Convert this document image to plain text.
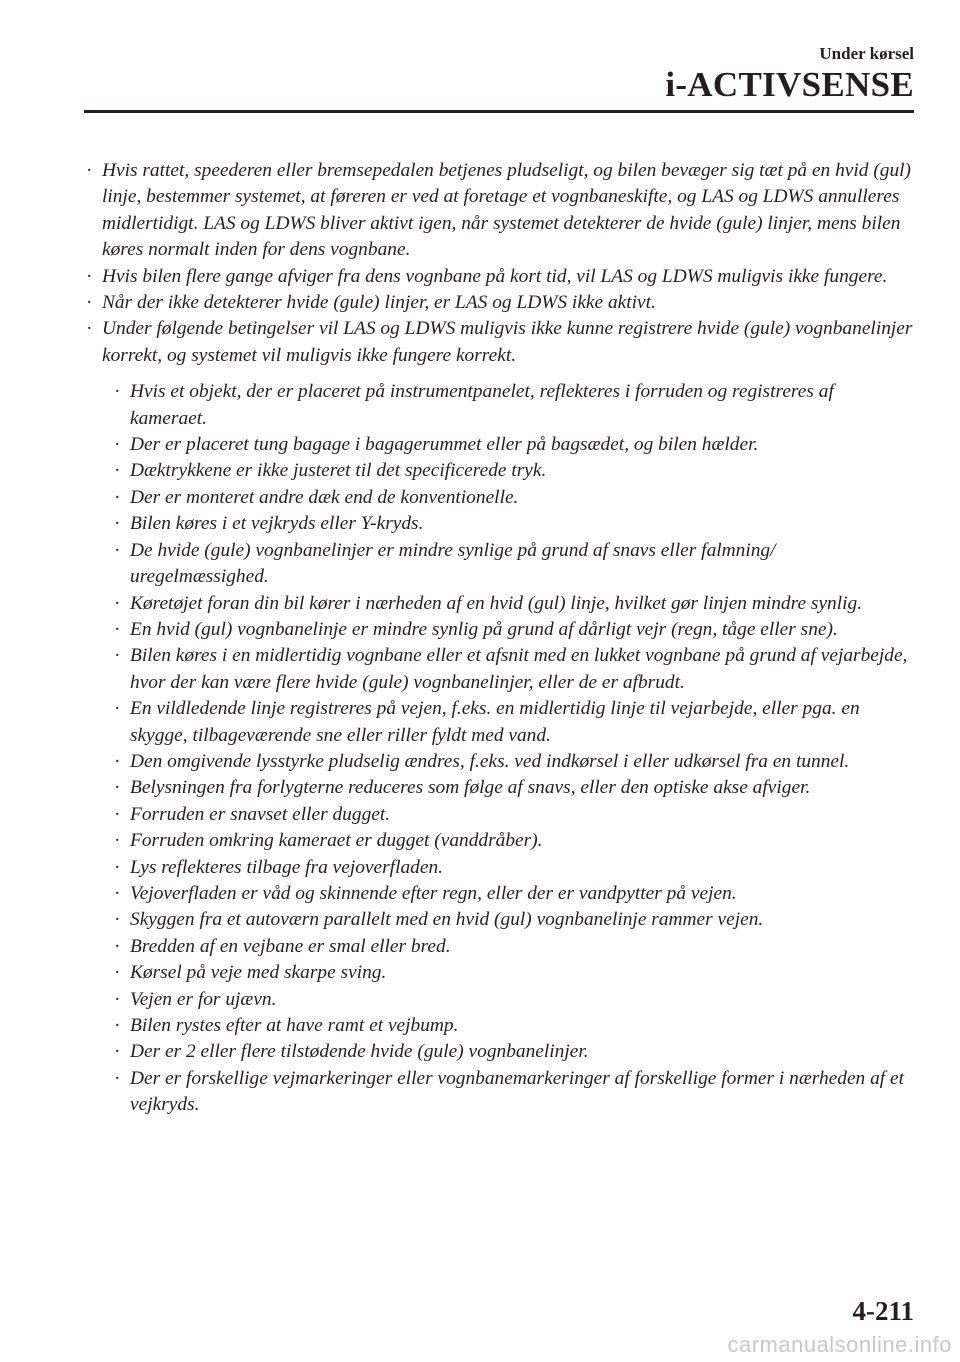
Under kørsel
i-ACTIVSENSE
· Hvis rattet, speederen eller bremsepedalen betjenes pludseligt, og bilen bevæger sig tæt på en hvid (gul) linje, bestemmer systemet, at føreren er ved at foretage et vognbaneskifte, og LAS og LDWS annulleres midlertidigt. LAS og LDWS bliver aktivt igen, når systemet detekterer de hvide (gule) linjer, mens bilen køres normalt inden for dens vognbane.
· Hvis bilen flere gange afviger fra dens vognbane på kort tid, vil LAS og LDWS muligvis ikke fungere.
· Når der ikke detekterer hvide (gule) linjer, er LAS og LDWS ikke aktivt.
· Under følgende betingelser vil LAS og LDWS muligvis ikke kunne registrere hvide (gule) vognbanelinjer korrekt, og systemet vil muligvis ikke fungere korrekt.
· Hvis et objekt, der er placeret på instrumentpanelet, reflekteres i forruden og registreres af kameraet.
· Der er placeret tung bagage i bagagerummet eller på bagsædet, og bilen hælder.
· Dæktrykkene er ikke justeret til det specificerede tryk.
· Der er monteret andre dæk end de konventionelle.
· Bilen køres i et vejkryds eller Y-kryds.
· De hvide (gule) vognbanelinjer er mindre synlige på grund af snavs eller falmning/ uregelmæssighed.
· Køretøjet foran din bil kører i nærheden af en hvid (gul) linje, hvilket gør linjen mindre synlig.
· En hvid (gul) vognbanelinje er mindre synlig på grund af dårligt vejr (regn, tåge eller sne).
· Bilen køres i en midlertidig vognbane eller et afsnit med en lukket vognbane på grund af vejarbejde, hvor der kan være flere hvide (gule) vognbanelinjer, eller de er afbrudt.
· En vildledende linje registreres på vejen, f.eks. en midlertidig linje til vejarbejde, eller pga. en skygge, tilbageværende sne eller riller fyldt med vand.
· Den omgivende lysstyrke pludselig ændres, f.eks. ved indkørsel i eller udkørsel fra en tunnel.
· Belysningen fra forlygterne reduceres som følge af snavs, eller den optiske akse afviger.
· Forruden er snavset eller dugget.
· Forruden omkring kameraet er dugget (vanddråber).
· Lys reflekteres tilbage fra vejoverfladen.
· Vejoverfladen er våd og skinnende efter regn, eller der er vandpytter på vejen.
· Skyggen fra et autoværn parallelt med en hvid (gul) vognbanelinje rammer vejen.
· Bredden af en vejbane er smal eller bred.
· Kørsel på veje med skarpe sving.
· Vejen er for ujævn.
· Bilen rystes efter at have ramt et vejbump.
· Der er 2 eller flere tilstødende hvide (gule) vognbanelinjer.
· Der er forskellige vejmarkeringer eller vognbanemarkeringer af forskellige former i nærheden af et vejkryds.
4-211
carmanualsonline.info
